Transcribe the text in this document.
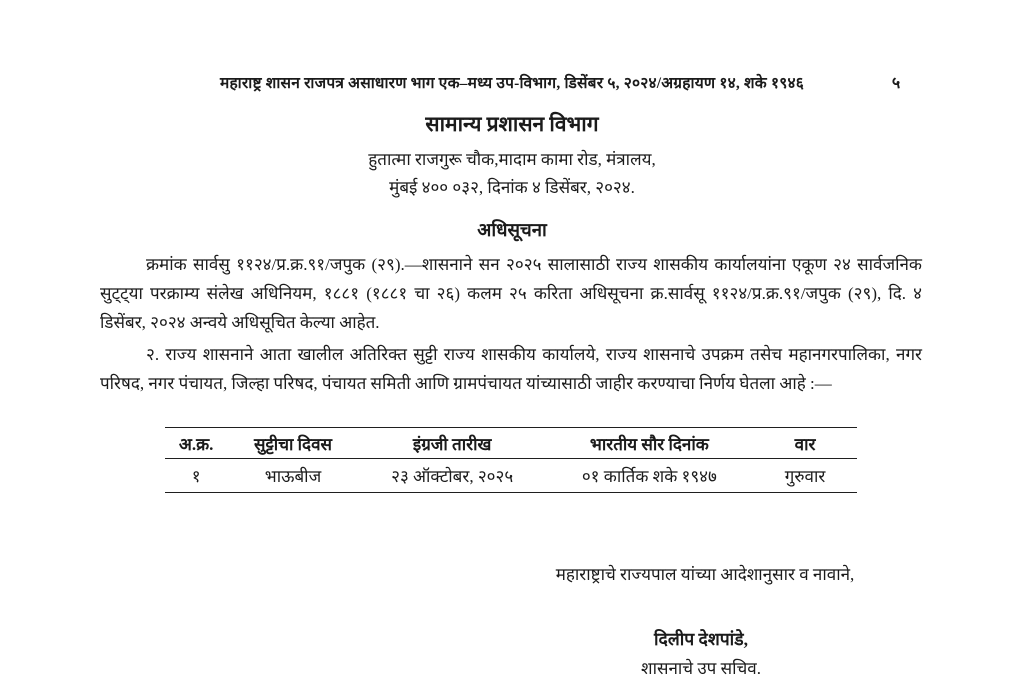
महाराष्ट्र शासन राजपत्र असाधारण भाग एक–मध्य उप-विभाग, डिसेंबर ५, २०२४/अग्रहायण १४, शके १९४६	५
सामान्य प्रशासन विभाग
हुतात्मा राजगुरू चौक,मादाम कामा रोड, मंत्रालय,
मुंबई ४०० ०३२, दिनांक ४ डिसेंबर, २०२४.
अधिसूचना
क्रमांक सार्वसु ११२४/प्र.क्र.९१/जपुक (२९).—शासनाने सन २०२५ सालासाठी राज्य शासकीय कार्यालयांना एकूण २४ सार्वजनिक सुट्ट्या परक्राम्य संलेख अधिनियम, १८८१ (१८८१ चा २६) कलम २५ करिता अधिसूचना क्र.सार्वसू ११२४/प्र.क्र.९१/जपुक (२९), दि. ४ डिसेंबर, २०२४ अन्वये अधिसूचित केल्या आहेत.
२. राज्य शासनाने आता खालील अतिरिक्त सुट्टी राज्य शासकीय कार्यालये, राज्य शासनाचे उपक्रम तसेच महानगरपालिका, नगर परिषद, नगर पंचायत, जिल्हा परिषद, पंचायत समिती आणि ग्रामपंचायत यांच्यासाठी जाहीर करण्याचा निर्णय घेतला आहे :—
अ.क्र.	सुट्टीचा दिवस	इंग्रजी तारीख	भारतीय सौर दिनांक	वार
१	भाऊबीज	२३ ऑक्टोबर, २०२५	०१ कार्तिक शके १९४७	गुरुवार
महाराष्ट्राचे राज्यपाल यांच्या आदेशानुसार व नावाने,
दिलीप देशपांडे,
शासनाचे उप सचिव.
